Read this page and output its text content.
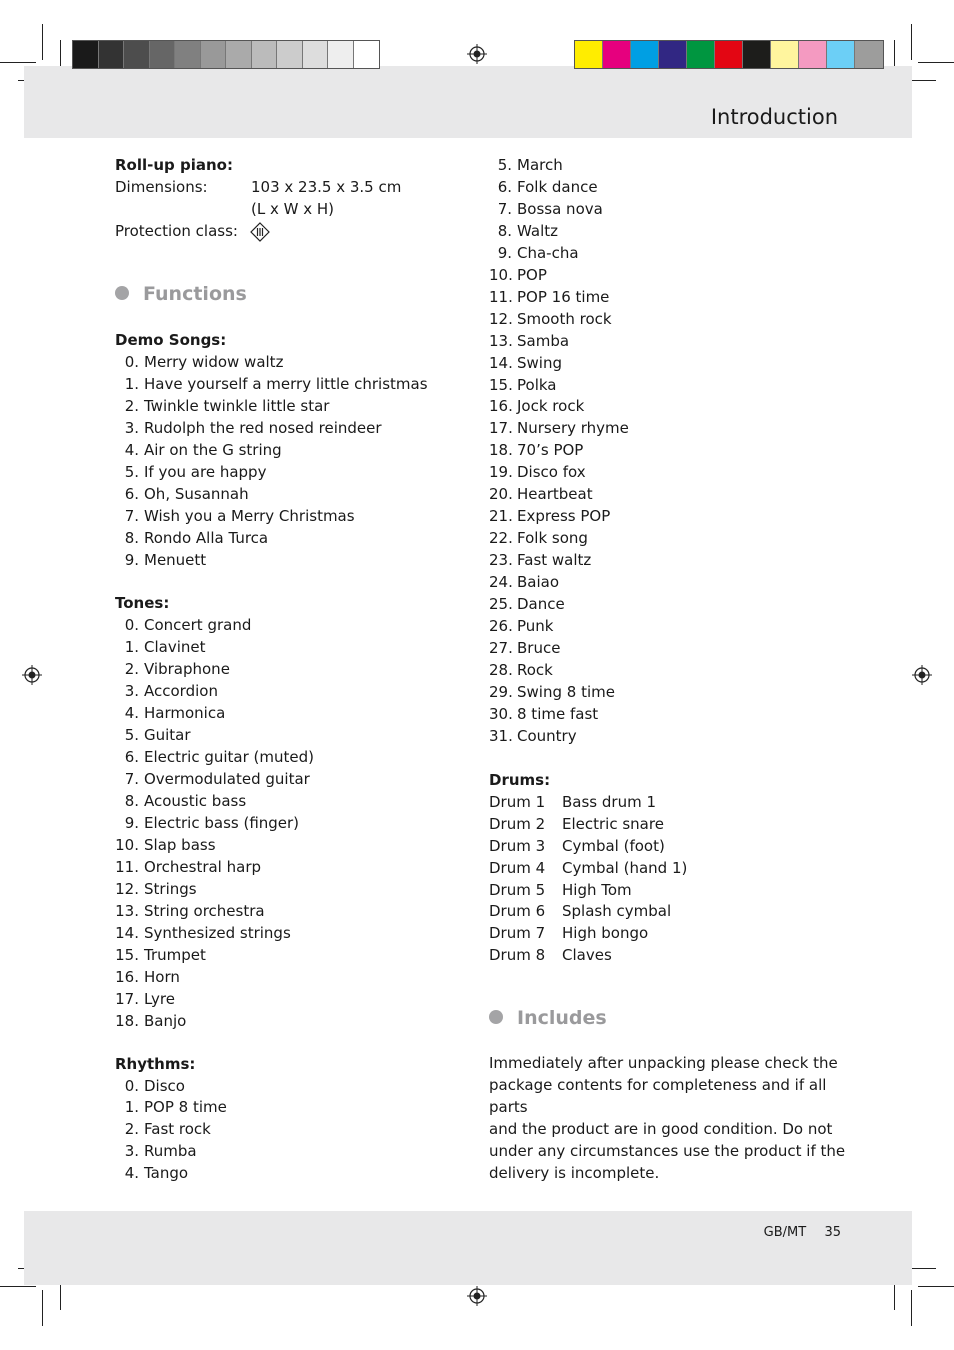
Introduction
Roll-up piano:
Dimensions:	103 x 23.5 x 3.5 cm
(L x W x H)
Protection class:
Functions
Demo Songs:
0. Merry widow waltz
1. Have yourself a merry little christmas
2. Twinkle twinkle little star
3. Rudolph the red nosed reindeer
4. Air on the G string
5. If you are happy
6. Oh, Susannah
7. Wish you a Merry Christmas
8. Rondo Alla Turca
9. Menuett
Tones:
0. Concert grand
1. Clavinet
2. Vibraphone
3. Accordion
4. Harmonica
5. Guitar
6. Electric guitar (muted)
7. Overmodulated guitar
8. Acoustic bass
9. Electric bass (finger)
10. Slap bass
11. Orchestral harp
12. Strings
13. String orchestra
14. Synthesized strings
15. Trumpet
16. Horn
17. Lyre
18. Banjo
Rhythms:
0. Disco
1. POP 8 time
2. Fast rock
3. Rumba
4. Tango
5. March
6. Folk dance
7. Bossa nova
8. Waltz
9. Cha-cha
10. POP
11. POP 16 time
12. Smooth rock
13. Samba
14. Swing
15. Polka
16. Jock rock
17. Nursery rhyme
18. 70’s POP
19. Disco fox
20. Heartbeat
21. Express POP
22. Folk song
23. Fast waltz
24. Baiao
25. Dance
26. Punk
27. Bruce
28. Rock
29. Swing 8 time
30. 8 time fast
31. Country
Drums:
Drum 1	Bass drum 1
Drum 2	Electric snare
Drum 3	Cymbal (foot)
Drum 4	Cymbal (hand 1)
Drum 5	High Tom
Drum 6	Splash cymbal
Drum 7	High bongo
Drum 8	Claves
Includes
Immediately after unpacking please check the
package contents for completeness and if all parts
and the product are in good condition. Do not
under any circumstances use the product if the
delivery is incomplete.
GB/MT 35
